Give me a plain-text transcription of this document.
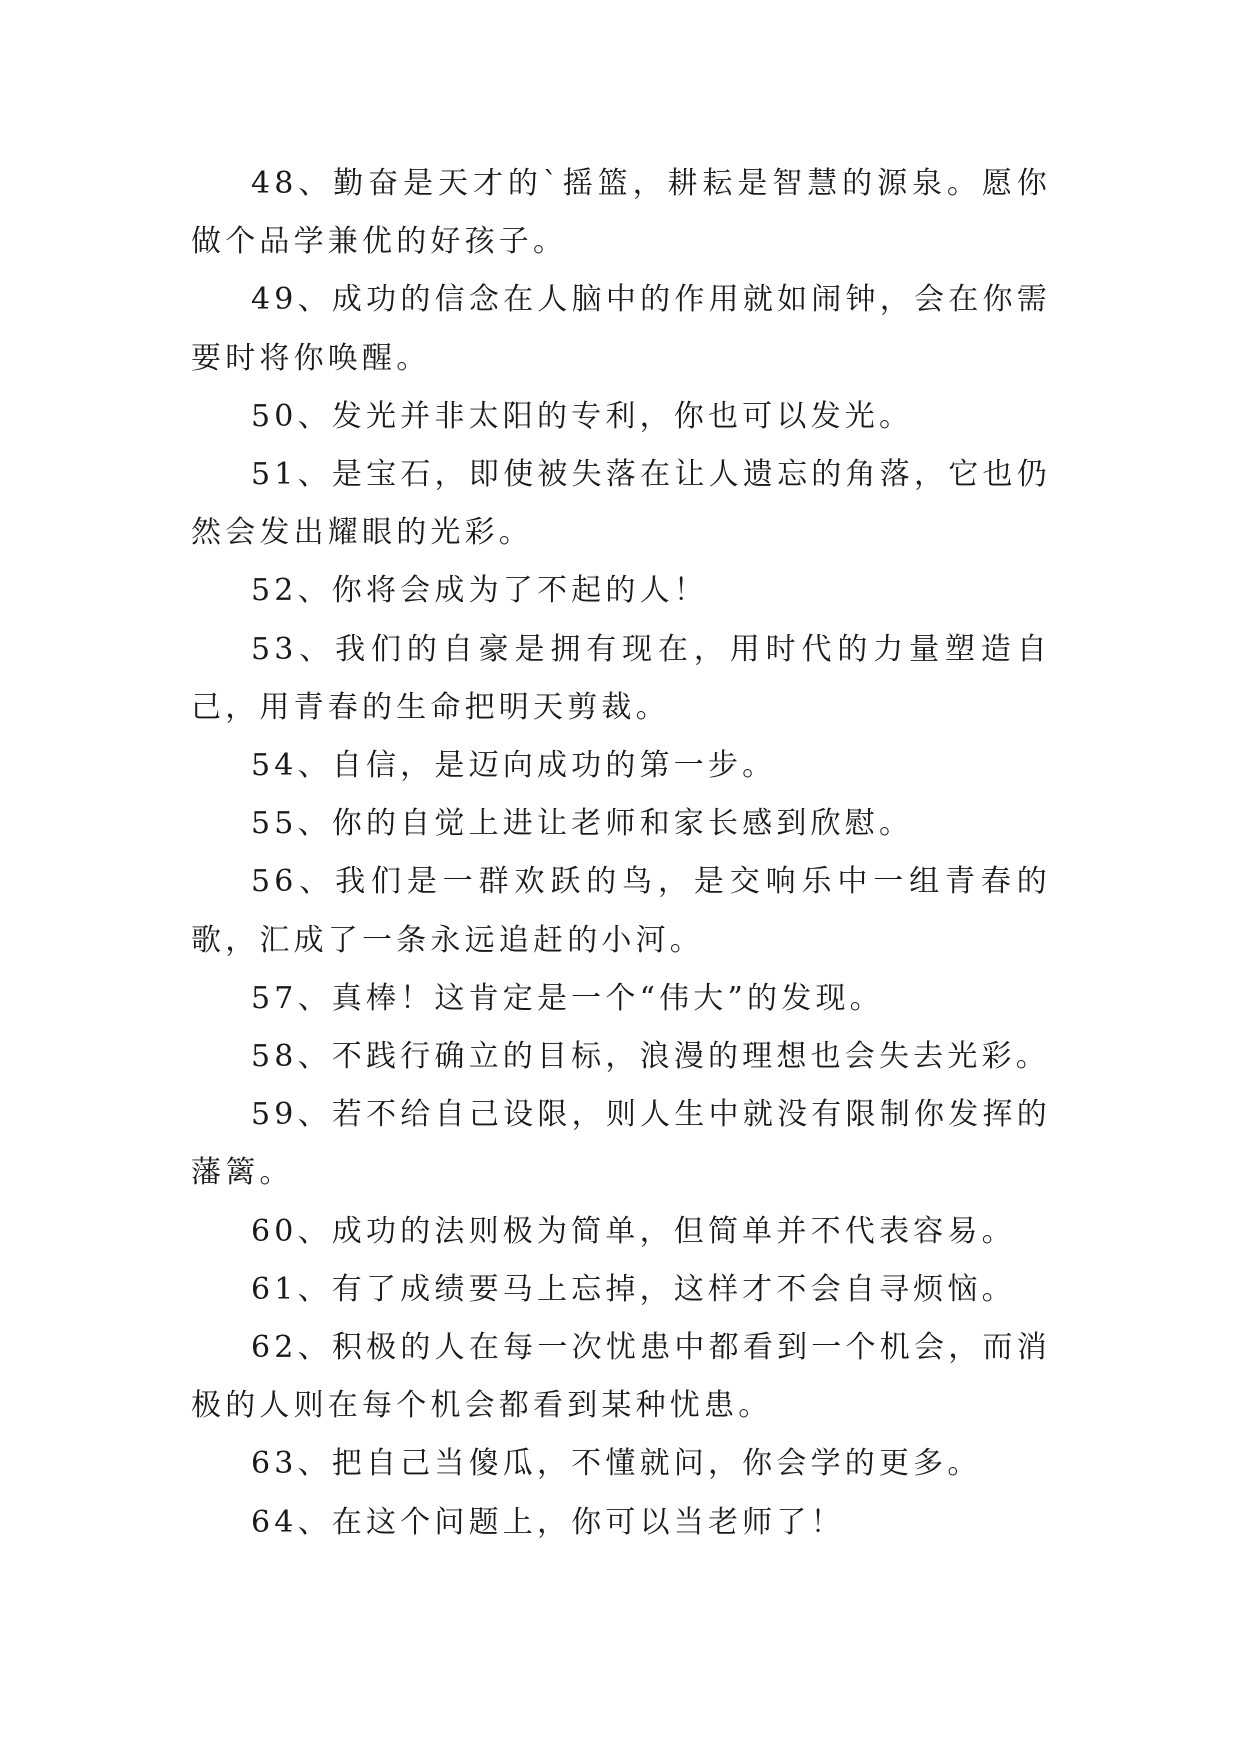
48、勤奋是天才的`摇篮，耕耘是智慧的源泉。愿你做个品学兼优的好孩子。

49、成功的信念在人脑中的作用就如闹钟，会在你需要时将你唤醒。

50、发光并非太阳的专利，你也可以发光。

51、是宝石，即使被失落在让人遗忘的角落，它也仍然会发出耀眼的光彩。

52、你将会成为了不起的人！

53、我们的自豪是拥有现在，用时代的力量塑造自己，用青春的生命把明天剪裁。

54、自信，是迈向成功的第一步。

55、你的自觉上进让老师和家长感到欣慰。

56、我们是一群欢跃的鸟，是交响乐中一组青春的歌，汇成了一条永远追赶的小河。

57、真棒！这肯定是一个“伟大”的发现。

58、不践行确立的目标，浪漫的理想也会失去光彩。

59、若不给自己设限，则人生中就没有限制你发挥的藩篱。

60、成功的法则极为简单，但简单并不代表容易。

61、有了成绩要马上忘掉，这样才不会自寻烦恼。

62、积极的人在每一次忧患中都看到一个机会，而消极的人则在每个机会都看到某种忧患。

63、把自己当傻瓜，不懂就问，你会学的更多。

64、在这个问题上，你可以当老师了！
